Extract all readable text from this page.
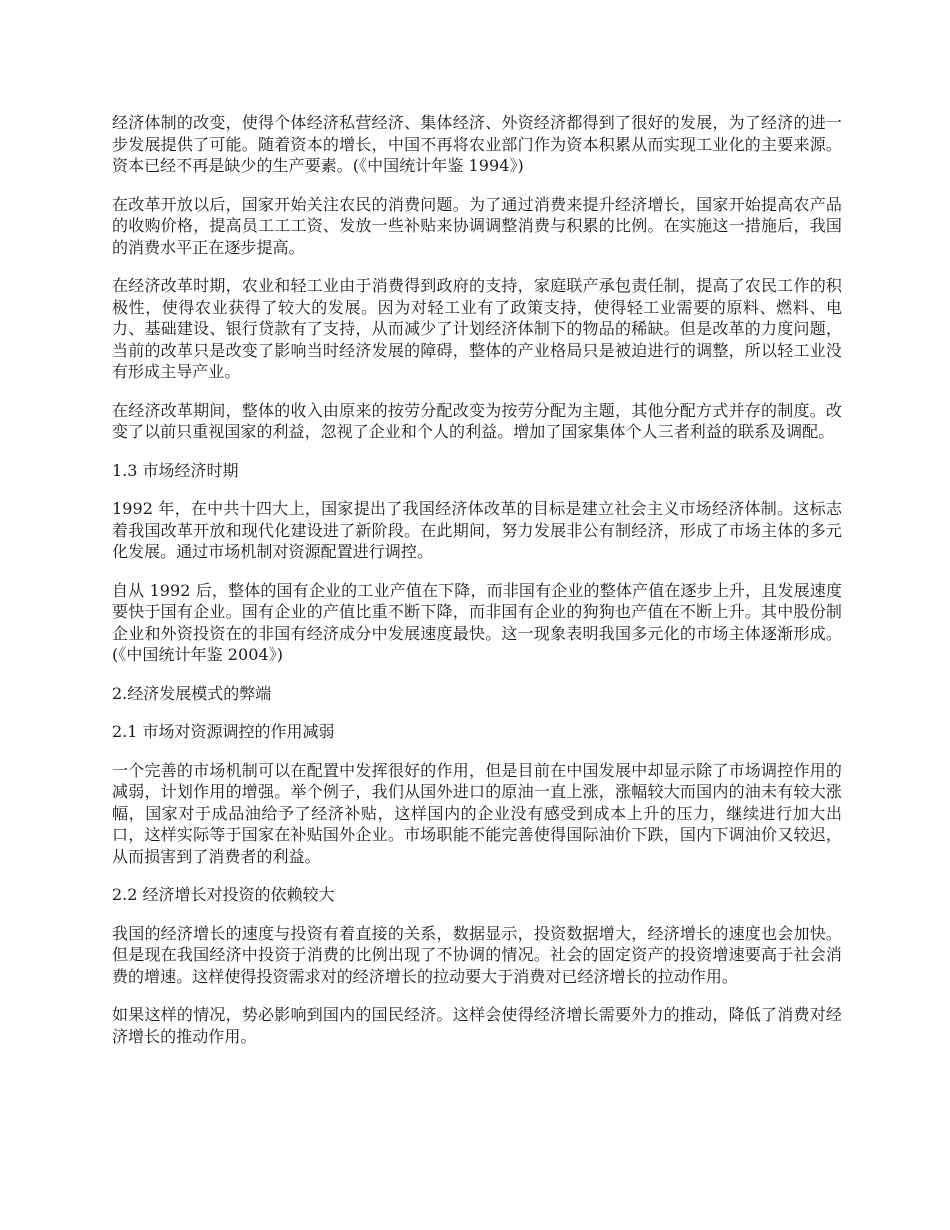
经济体制的改变，使得个体经济私营经济、集体经济、外资经济都得到了很好的发展，为了经济的进一步发展提供了可能。随着资本的增长，中国不再将农业部门作为资本积累从而实现工业化的主要来源。资本已经不再是缺少的生产要素。(《中国统计年鉴 1994》)

在改革开放以后，国家开始关注农民的消费问题。为了通过消费来提升经济增长，国家开始提高农产品的收购价格，提高员工工工资、发放一些补贴来协调调整消费与积累的比例。在实施这一措施后，我国的消费水平正在逐步提高。

在经济改革时期，农业和轻工业由于消费得到政府的支持，家庭联产承包责任制，提高了农民工作的积极性，使得农业获得了较大的发展。因为对轻工业有了政策支持，使得轻工业需要的原料、燃料、电力、基础建设、银行贷款有了支持，从而减少了计划经济体制下的物品的稀缺。但是改革的力度问题，当前的改革只是改变了影响当时经济发展的障碍，整体的产业格局只是被迫进行的调整，所以轻工业没有形成主导产业。

在经济改革期间，整体的收入由原来的按劳分配改变为按劳分配为主题，其他分配方式并存的制度。改变了以前只重视国家的利益，忽视了企业和个人的利益。增加了国家集体个人三者利益的联系及调配。

1.3 市场经济时期

1992 年，在中共十四大上，国家提出了我国经济体改革的目标是建立社会主义市场经济体制。这标志着我国改革开放和现代化建设进了新阶段。在此期间，努力发展非公有制经济，形成了市场主体的多元化发展。通过市场机制对资源配置进行调控。

自从 1992 后，整体的国有企业的工业产值在下降，而非国有企业的整体产值在逐步上升，且发展速度要快于国有企业。国有企业的产值比重不断下降，而非国有企业的狗狗也产值在不断上升。其中股份制企业和外资投资在的非国有经济成分中发展速度最快。这一现象表明我国多元化的市场主体逐渐形成。(《中国统计年鉴 2004》)

2.经济发展模式的弊端

2.1 市场对资源调控的作用减弱

一个完善的市场机制可以在配置中发挥很好的作用，但是目前在中国发展中却显示除了市场调控作用的减弱，计划作用的增强。举个例子，我们从国外进口的原油一直上涨，涨幅较大而国内的油未有较大涨幅，国家对于成品油给予了经济补贴，这样国内的企业没有感受到成本上升的压力，继续进行加大出口，这样实际等于国家在补贴国外企业。市场职能不能完善使得国际油价下跌，国内下调油价又较迟，从而损害到了消费者的利益。

2.2 经济增长对投资的依赖较大

我国的经济增长的速度与投资有着直接的关系，数据显示，投资数据增大，经济增长的速度也会加快。但是现在我国经济中投资于消费的比例出现了不协调的情况。社会的固定资产的投资增速要高于社会消费的增速。这样使得投资需求对的经济增长的拉动要大于消费对已经济增长的拉动作用。

如果这样的情况，势必影响到国内的国民经济。这样会使得经济增长需要外力的推动，降低了消费对经济增长的推动作用。
